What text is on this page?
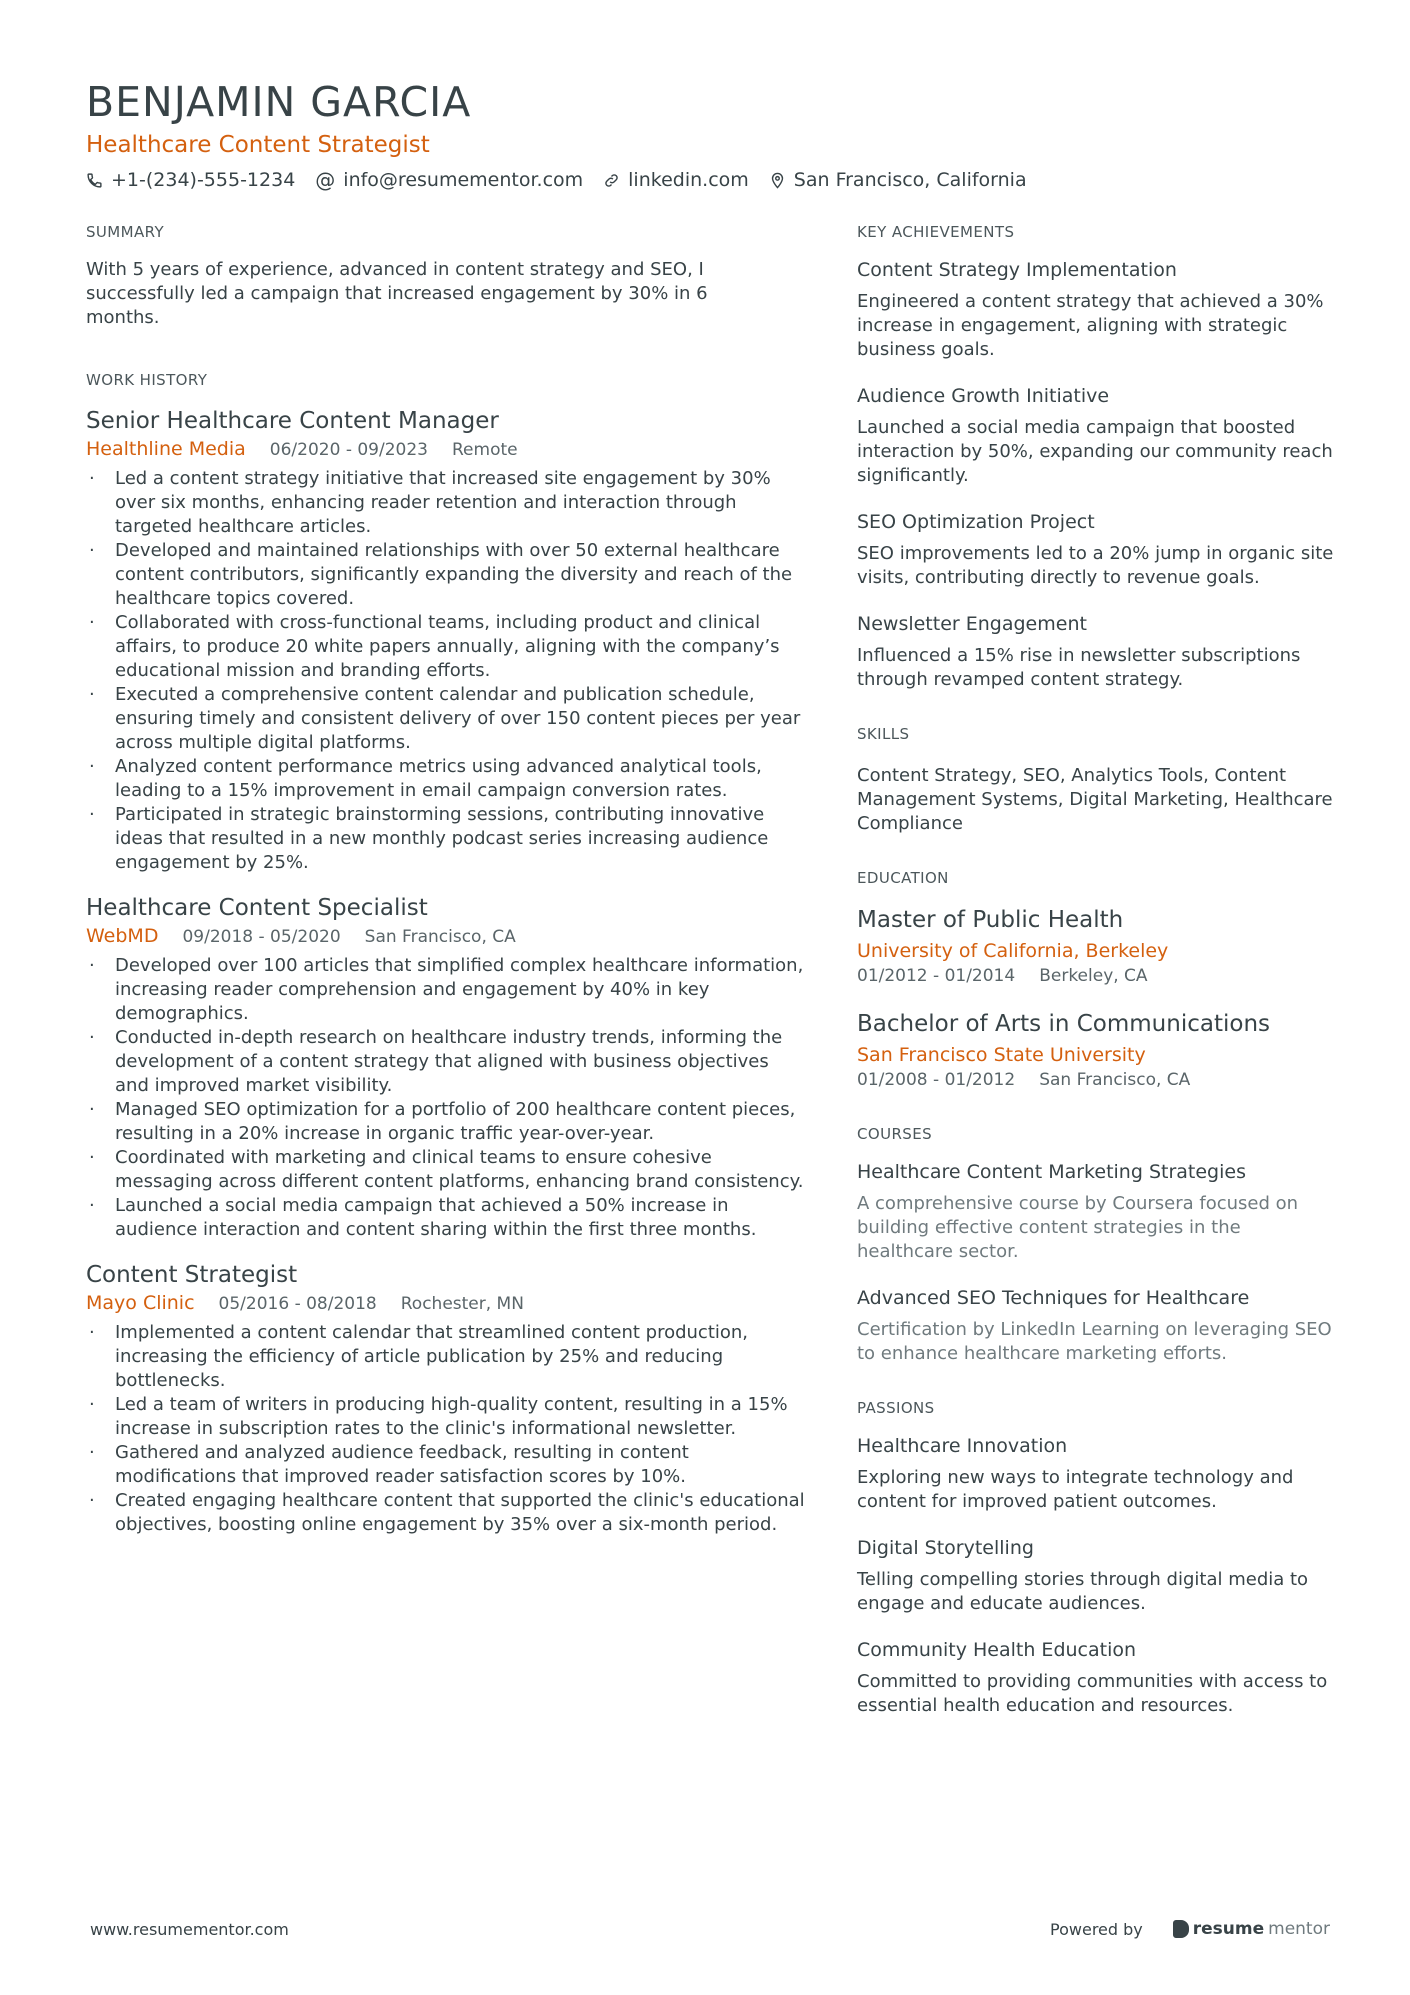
BENJAMIN GARCIA
Healthcare Content Strategist
+1-(234)-555-1234 @ info@resumementor.com linkedin.com San Francisco, California
SUMMARY
With 5 years of experience, advanced in content strategy and SEO, I successfully led a campaign that increased engagement by 30% in 6 months.
WORK HISTORY
Senior Healthcare Content Manager
Healthline Media 06/2020 - 09/2023 Remote
· Led a content strategy initiative that increased site engagement by 30% over six months, enhancing reader retention and interaction through targeted healthcare articles.
· Developed and maintained relationships with over 50 external healthcare content contributors, significantly expanding the diversity and reach of the healthcare topics covered.
· Collaborated with cross-functional teams, including product and clinical affairs, to produce 20 white papers annually, aligning with the company’s educational mission and branding efforts.
· Executed a comprehensive content calendar and publication schedule, ensuring timely and consistent delivery of over 150 content pieces per year across multiple digital platforms.
· Analyzed content performance metrics using advanced analytical tools, leading to a 15% improvement in email campaign conversion rates.
· Participated in strategic brainstorming sessions, contributing innovative ideas that resulted in a new monthly podcast series increasing audience engagement by 25%.
Healthcare Content Specialist
WebMD 09/2018 - 05/2020 San Francisco, CA
· Developed over 100 articles that simplified complex healthcare information, increasing reader comprehension and engagement by 40% in key demographics.
· Conducted in-depth research on healthcare industry trends, informing the development of a content strategy that aligned with business objectives and improved market visibility.
· Managed SEO optimization for a portfolio of 200 healthcare content pieces, resulting in a 20% increase in organic traffic year-over-year.
· Coordinated with marketing and clinical teams to ensure cohesive messaging across different content platforms, enhancing brand consistency.
· Launched a social media campaign that achieved a 50% increase in audience interaction and content sharing within the first three months.
Content Strategist
Mayo Clinic 05/2016 - 08/2018 Rochester, MN
· Implemented a content calendar that streamlined content production, increasing the efficiency of article publication by 25% and reducing bottlenecks.
· Led a team of writers in producing high-quality content, resulting in a 15% increase in subscription rates to the clinic's informational newsletter.
· Gathered and analyzed audience feedback, resulting in content modifications that improved reader satisfaction scores by 10%.
· Created engaging healthcare content that supported the clinic's educational objectives, boosting online engagement by 35% over a six-month period.
KEY ACHIEVEMENTS
Content Strategy Implementation
Engineered a content strategy that achieved a 30% increase in engagement, aligning with strategic business goals.
Audience Growth Initiative
Launched a social media campaign that boosted interaction by 50%, expanding our community reach significantly.
SEO Optimization Project
SEO improvements led to a 20% jump in organic site visits, contributing directly to revenue goals.
Newsletter Engagement
Influenced a 15% rise in newsletter subscriptions through revamped content strategy.
SKILLS
Content Strategy, SEO, Analytics Tools, Content Management Systems, Digital Marketing, Healthcare Compliance
EDUCATION
Master of Public Health
University of California, Berkeley
01/2012 - 01/2014 Berkeley, CA
Bachelor of Arts in Communications
San Francisco State University
01/2008 - 01/2012 San Francisco, CA
COURSES
Healthcare Content Marketing Strategies
A comprehensive course by Coursera focused on building effective content strategies in the healthcare sector.
Advanced SEO Techniques for Healthcare
Certification by LinkedIn Learning on leveraging SEO to enhance healthcare marketing efforts.
PASSIONS
Healthcare Innovation
Exploring new ways to integrate technology and content for improved patient outcomes.
Digital Storytelling
Telling compelling stories through digital media to engage and educate audiences.
Community Health Education
Committed to providing communities with access to essential health education and resources.
www.resumementor.com	Powered by	resume mentor
